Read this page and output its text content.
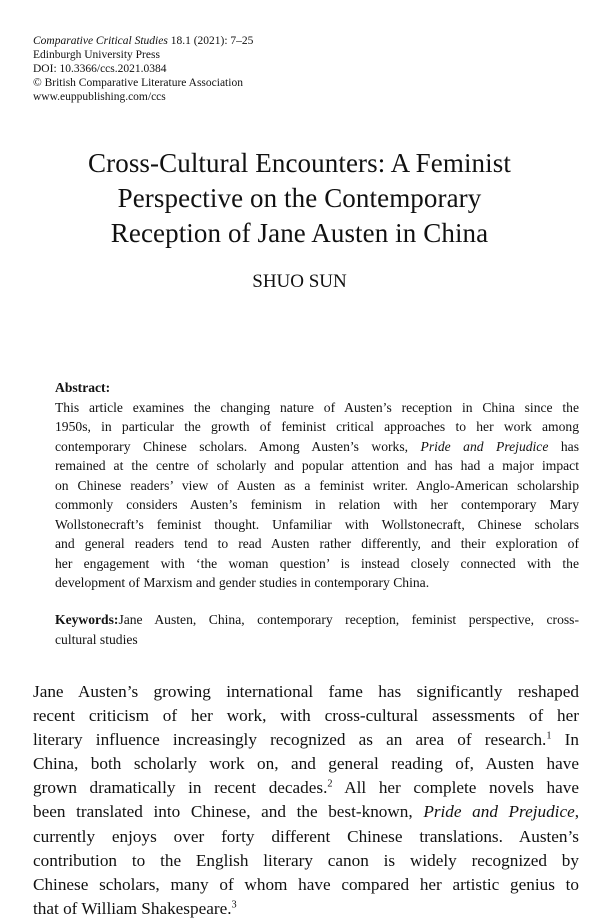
Comparative Critical Studies 18.1 (2021): 7–25
Edinburgh University Press
DOI: 10.3366/ccs.2021.0384
© British Comparative Literature Association
www.euppublishing.com/ccs
Cross-Cultural Encounters: A Feminist
Perspective on the Contemporary
Reception of Jane Austen in China
SHUO SUN
Abstract:
This article examines the changing nature of Austen’s reception in China since the
1950s, in particular the growth of feminist critical approaches to her work among
contemporary Chinese scholars. Among Austen’s works, Pride and Prejudice has
remained at the centre of scholarly and popular attention and has had a major impact
on Chinese readers’ view of Austen as a feminist writer. Anglo-American scholarship
commonly considers Austen’s feminism in relation with her contemporary Mary
Wollstonecraft’s feminist thought. Unfamiliar with Wollstonecraft, Chinese scholars
and general readers tend to read Austen rather differently, and their exploration of
her engagement with ‘the woman question’ is instead closely connected with the
development of Marxism and gender studies in contemporary China.
Keywords:Jane Austen, China, contemporary reception, feminist perspective, cross-
cultural studies
Jane Austen’s growing international fame has significantly reshaped
recent criticism of her work, with cross-cultural assessments of her
literary influence increasingly recognized as an area of research.$^1$ In
China, both scholarly work on, and general reading of, Austen have
grown dramatically in recent decades.$^2$ All her complete novels have
been translated into Chinese, and the best-known, Pride and Prejudice,
currently enjoys over forty different Chinese translations. Austen’s
contribution to the English literary canon is widely recognized by
Chinese scholars, many of whom have compared her artistic genius to
that of William Shakespeare.$^3$
